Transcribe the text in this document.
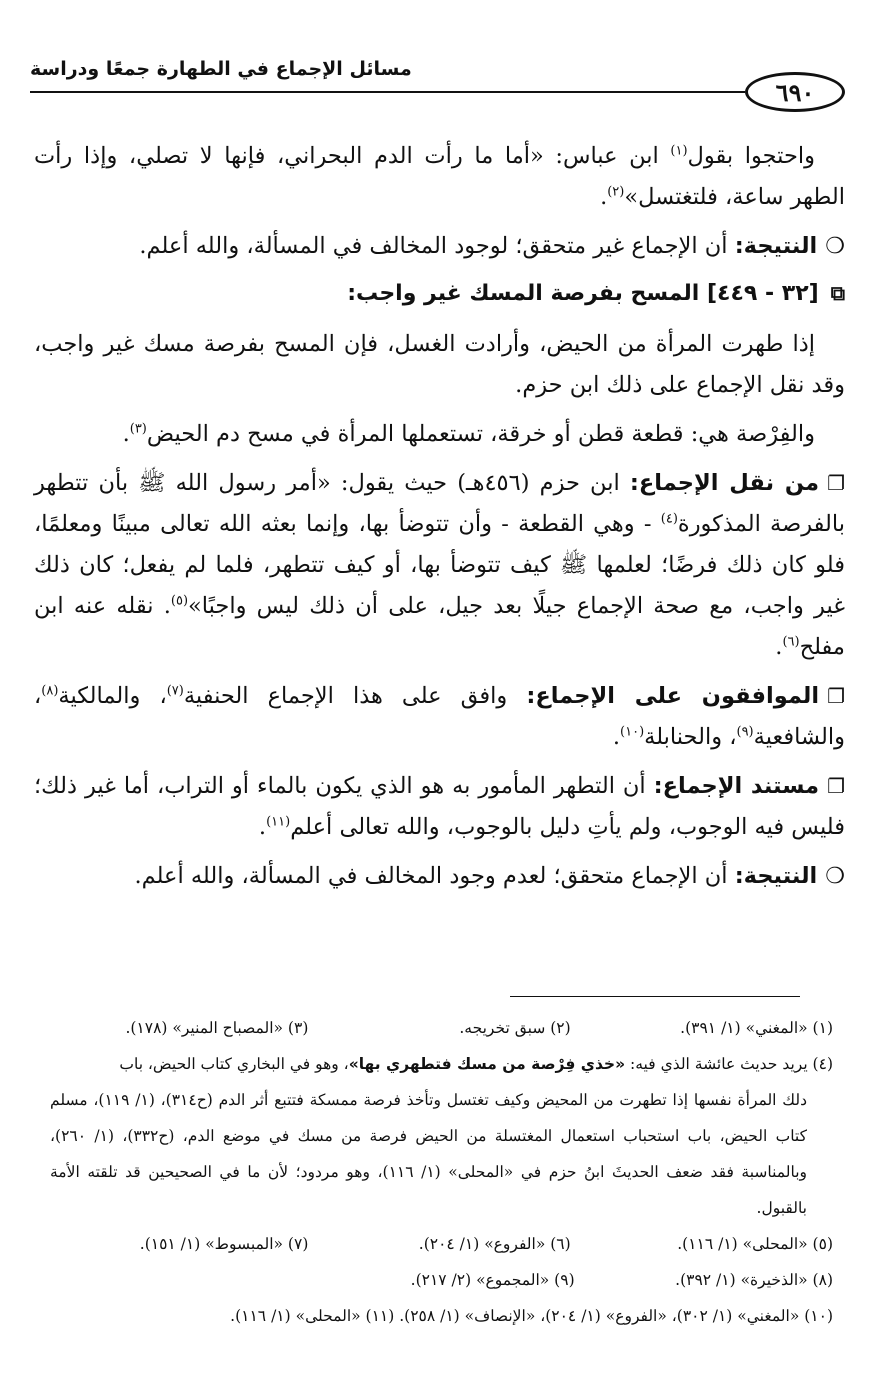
مسائل الإجماع في الطهارة جمعًا ودراسة
٦٩٠

واحتجوا بقول$^{(١)}$ ابن عباس: «أما ما رأت الدم البحراني، فإنها لا تصلي، وإذا رأت الطهر ساعة، فلتغتسل»$^{(٢)}$.

❍النتيجة: أن الإجماع غير متحقق؛ لوجود المخالف في المسألة، والله أعلم.

⧉[٣٢ - ٤٤٩] المسح بفرصة المسك غير واجب:

إذا طهرت المرأة من الحيض، وأرادت الغسل، فإن المسح بفرصة مسك غير واجب، وقد نقل الإجماع على ذلك ابن حزم.

والفِرْصة هي: قطعة قطن أو خرقة، تستعملها المرأة في مسح دم الحيض$^{(٣)}$.

❐من نقل الإجماع: ابن حزم (٤٥٦هـ) حيث يقول: «أمر رسول الله ﷺ بأن تتطهر بالفرصة المذكورة$^{(٤)}$ - وهي القطعة - وأن تتوضأ بها، وإنما بعثه الله تعالى مبينًا ومعلمًا، فلو كان ذلك فرضًا؛ لعلمها ﷺ كيف تتوضأ بها، أو كيف تتطهر، فلما لم يفعل؛ كان ذلك غير واجب، مع صحة الإجماع جيلًا بعد جيل، على أن ذلك ليس واجبًا»$^{(٥)}$. نقله عنه ابن مفلح$^{(٦)}$.

❐الموافقون على الإجماع: وافق على هذا الإجماع الحنفية$^{(٧)}$، والمالكية$^{(٨)}$، والشافعية$^{(٩)}$، والحنابلة$^{(١٠)}$.

❐مستند الإجماع: أن التطهر المأمور به هو الذي يكون بالماء أو التراب، أما غير ذلك؛ فليس فيه الوجوب، ولم يأتِ دليل بالوجوب، والله تعالى أعلم$^{(١١)}$.

❍النتيجة: أن الإجماع متحقق؛ لعدم وجود المخالف في المسألة، والله أعلم.

(١) «المغني» (١/ ٣٩١).
(٢) سبق تخريجه.
(٣) «المصباح المنير» (١٧٨).

(٤) يريد حديث عائشة الذي فيه: «خذي فِرْصة من مسك فتطهري بها»، وهو في البخاري كتاب الحيض، باب
دلك المرأة نفسها إذا تطهرت من المحيض وكيف تغتسل وتأخذ فرصة ممسكة فتتبع أثر الدم (ح٣١٤)، (١/ ١١٩)، مسلم كتاب الحيض، باب استحباب استعمال المغتسلة من الحيض فرصة من مسك في موضع الدم، (ح٣٣٢)، (١/ ٢٦٠)، وبالمناسبة فقد ضعف الحديثَ ابنُ حزم في «المحلى» (١/ ١١٦)، وهو مردود؛ لأن ما في الصحيحين قد تلقته الأمة بالقبول.

(٥) «المحلى» (١/ ١١٦).
(٦) «الفروع» (١/ ٢٠٤).
(٧) «المبسوط» (١/ ١٥١).
(٨) «الذخيرة» (١/ ٣٩٢).
(٩) «المجموع» (٢/ ٢١٧).
(١٠) «المغني» (١/ ٣٠٢)، «الفروع» (١/ ٢٠٤)، «الإنصاف» (١/ ٢٥٨). (١١) «المحلى» (١/ ١١٦).
